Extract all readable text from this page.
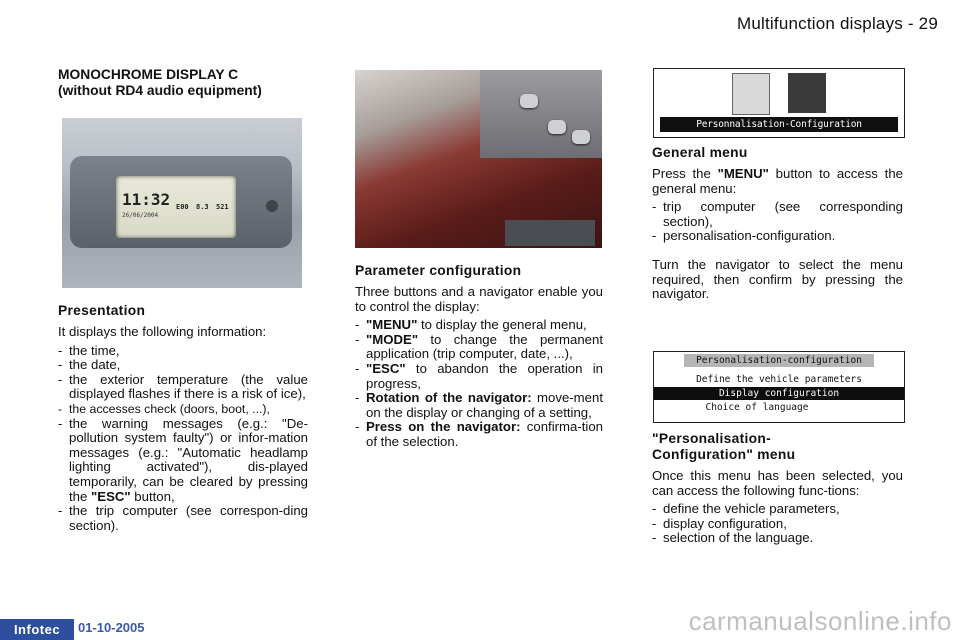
Multifunction displays - 29
MONOCHROME DISPLAY C
(without RD4 audio equipment)
11:32
26/06/2004
E00 8.3 521
Presentation

It displays the following information:

- the time,
- the date,
- the exterior temperature (the value displayed flashes if there is a risk of ice),
- the accesses check (doors, boot, ...),
- the warning messages (e.g.: "De-pollution system faulty") or infor-mation messages (e.g.: "Automatic headlamp lighting activated"), dis-played temporarily, can be cleared by pressing the "ESC" button,
- the trip computer (see correspon-ding section).
Parameter configuration

Three buttons and a navigator enable you to control the display:

- "MENU" to display the general menu,
- "MODE" to change the permanent application (trip computer, date, ...),
- "ESC" to abandon the operation in progress,
- Rotation of the navigator: move-ment on the display or changing of a setting,
- Press on the navigator: confirma-tion of the selection.
Personnalisation-Configuration
General menu

Press the "MENU" button to access the general menu:

- trip computer (see corresponding section),
- personalisation-configuration.

Turn the navigator to select the menu required, then confirm by pressing the navigator.

Personalisation-configuration
Define the vehicle parameters
Display configuration
Choice of language
"Personalisation-
Configuration" menu

Once this menu has been selected, you can access the following func-tions:

- define the vehicle parameters,
- display configuration,
- selection of the language.
Infotec	01-10-2005	carmanualsonline.info
